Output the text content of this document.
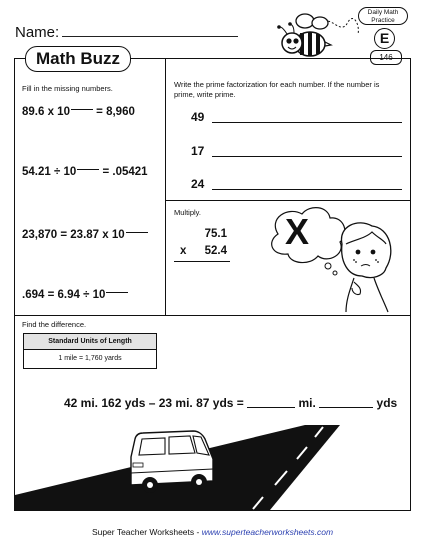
Name:
Daily Math
Practice
E
146
Math Buzz
Fill in the missing numbers.
89.6 x 10 = 8,960
54.21 ÷ 10 = .05421
23,870 = 23.87 x 10
.694 = 6.94 ÷ 10
Write the prime factorization for each number. If the number is prime, write prime.
49
17
24
Multiply.
75.1
x	52.4 X
Find the difference.
Standard Units of Length
1 mile = 1,760 yards
42 mi. 162 yds – 23 mi. 87 yds =	mi.	yds
Super Teacher Worksheets - www.superteacherworksheets.com
